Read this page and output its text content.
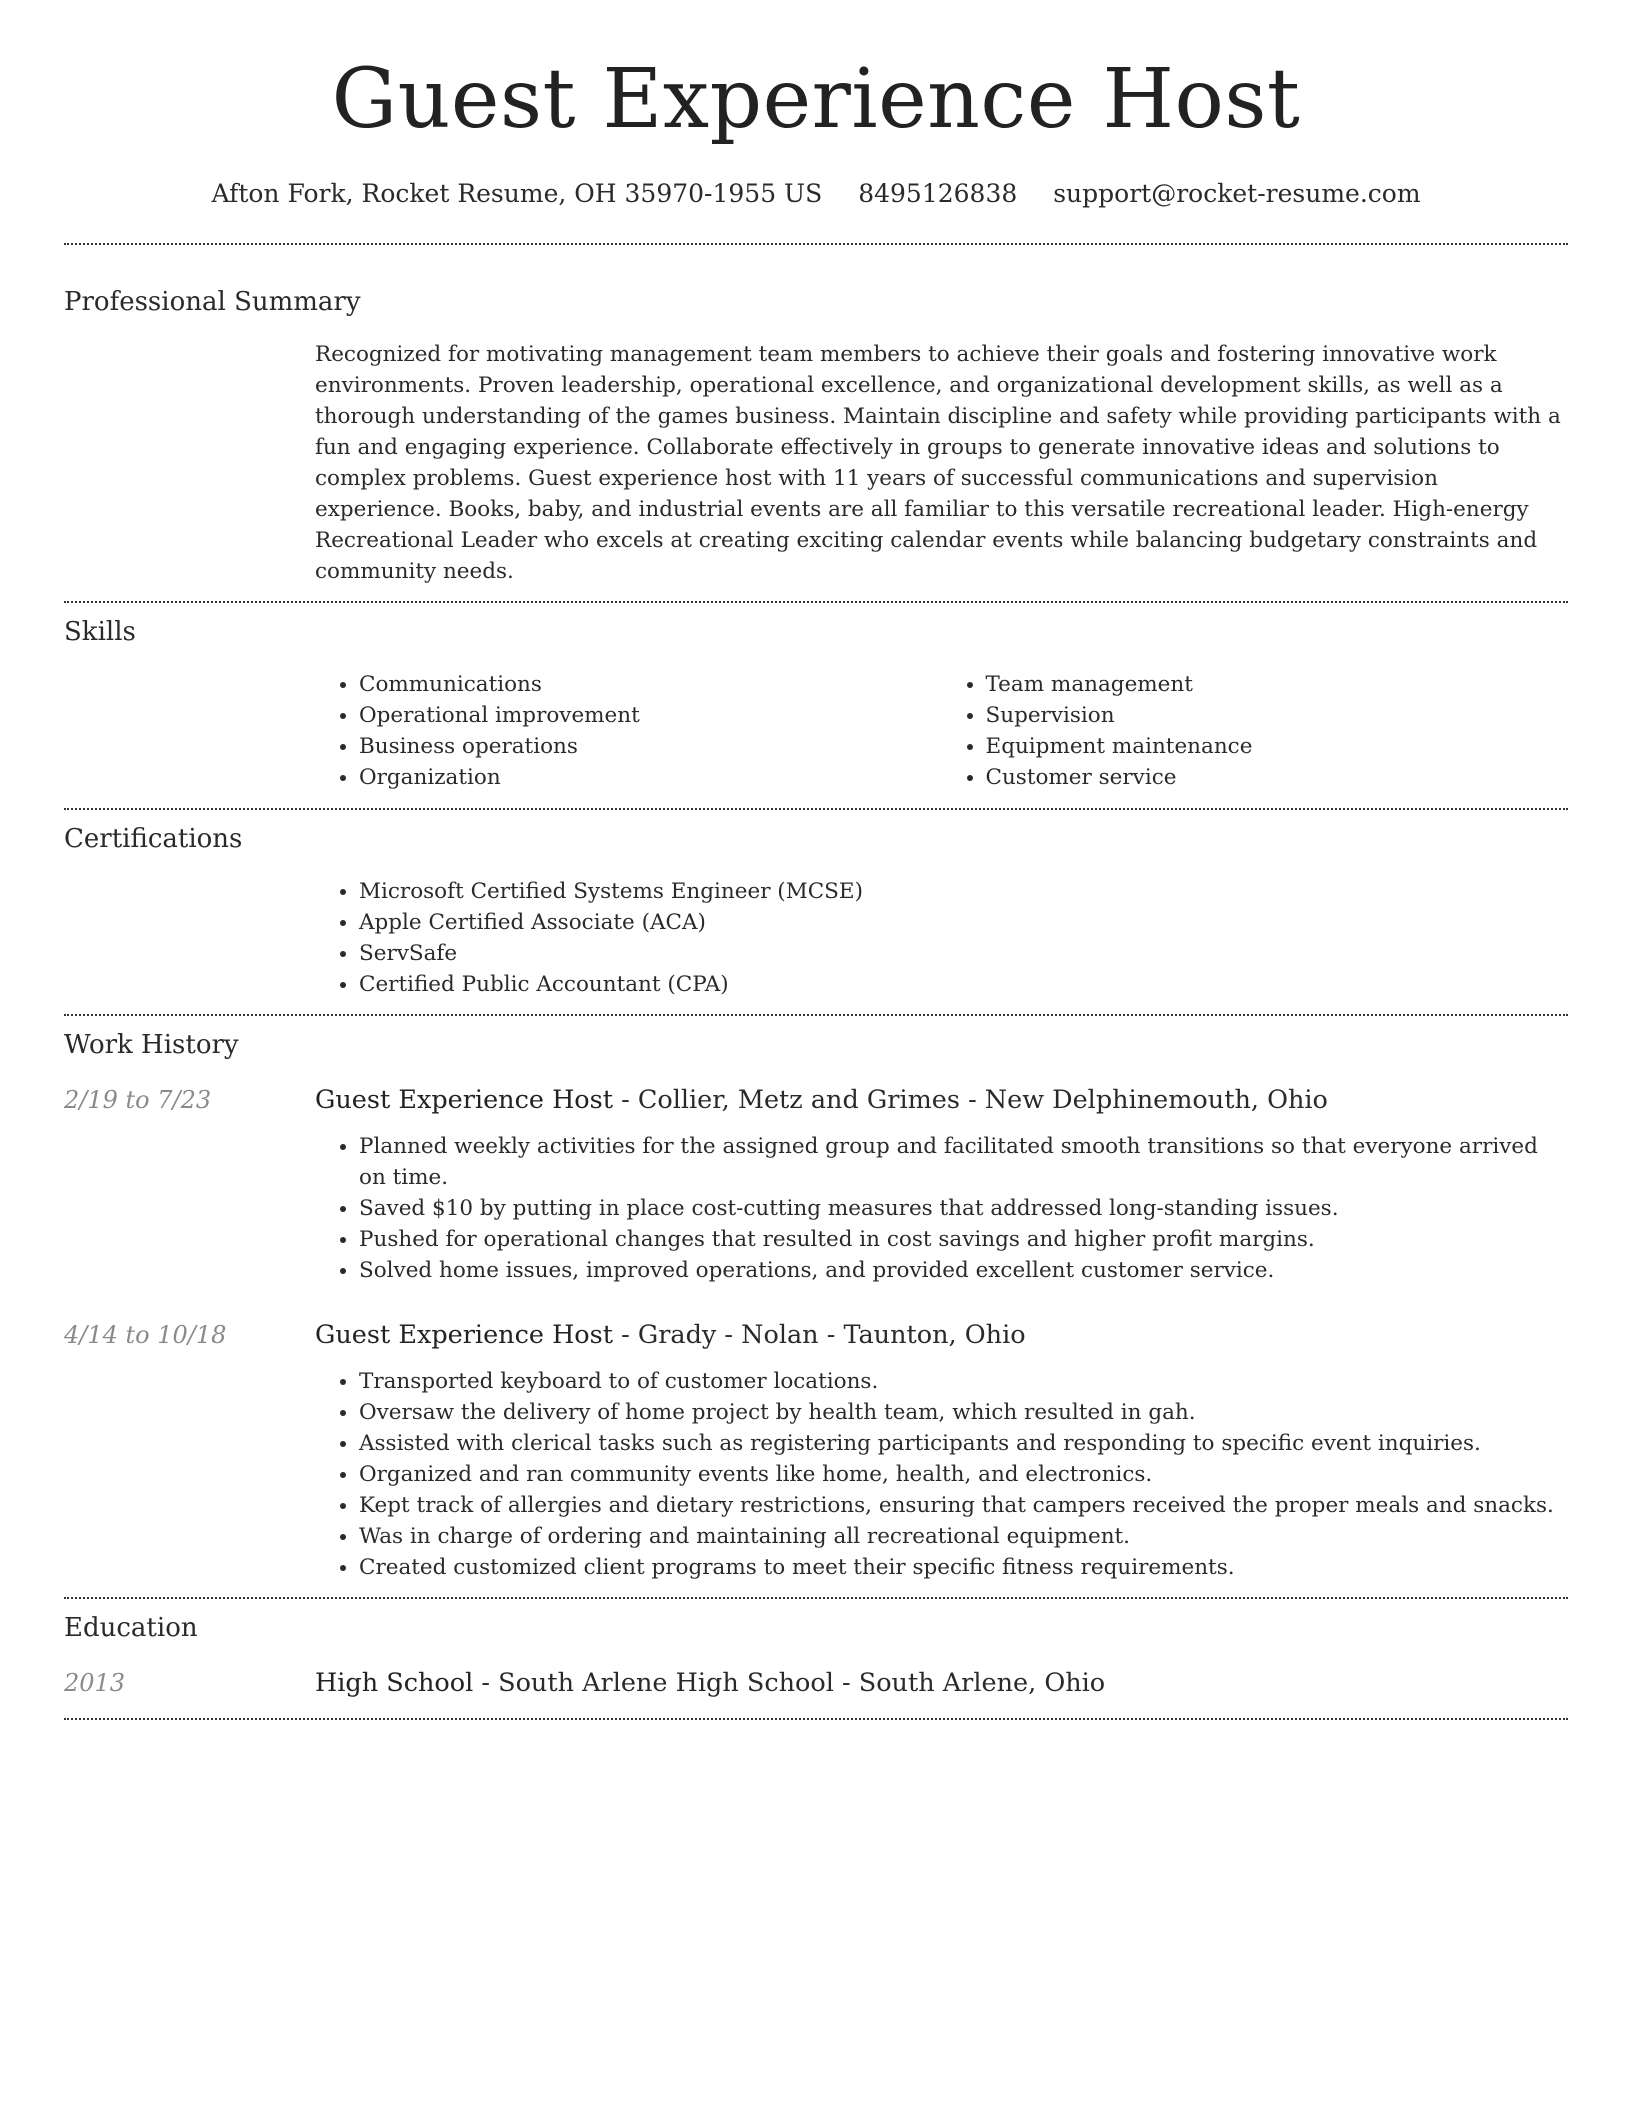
Guest Experience Host
Afton Fork, Rocket Resume, OH 35970-1955 US 8495126838 support@rocket-resume.com
Professional Summary

Recognized for motivating management team members to achieve their goals and fostering innovative work environments. Proven leadership, operational excellence, and organizational development skills, as well as a thorough understanding of the games business. Maintain discipline and safety while providing participants with a fun and engaging experience. Collaborate effectively in groups to generate innovative ideas and solutions to complex problems. Guest experience host with 11 years of successful communications and supervision experience. Books, baby, and industrial events are all familiar to this versatile recreational leader. High-energy Recreational Leader who excels at creating exciting calendar events while balancing budgetary constraints and community needs.

Skills
• Communications
• Operational improvement
• Business operations
• Organization
• Team management
• Supervision
• Equipment maintenance
• Customer service
Certifications
• Microsoft Certified Systems Engineer (MCSE)
• Apple Certified Associate (ACA)
• ServSafe
• Certified Public Accountant (CPA)
Work History
2/19 to 7/23	Guest Experience Host - Collier, Metz and Grimes - New Delphinemouth, Ohio
• Planned weekly activities for the assigned group and facilitated smooth transitions so that everyone arrived on time.
• Saved $10 by putting in place cost-cutting measures that addressed long-standing issues.
• Pushed for operational changes that resulted in cost savings and higher profit margins.
• Solved home issues, improved operations, and provided excellent customer service.
4/14 to 10/18	Guest Experience Host - Grady - Nolan - Taunton, Ohio
• Transported keyboard to of customer locations.
• Oversaw the delivery of home project by health team, which resulted in gah.
• Assisted with clerical tasks such as registering participants and responding to specific event inquiries.
• Organized and ran community events like home, health, and electronics.
• Kept track of allergies and dietary restrictions, ensuring that campers received the proper meals and snacks.
• Was in charge of ordering and maintaining all recreational equipment.
• Created customized client programs to meet their specific fitness requirements.
Education
2013	High School - South Arlene High School - South Arlene, Ohio
